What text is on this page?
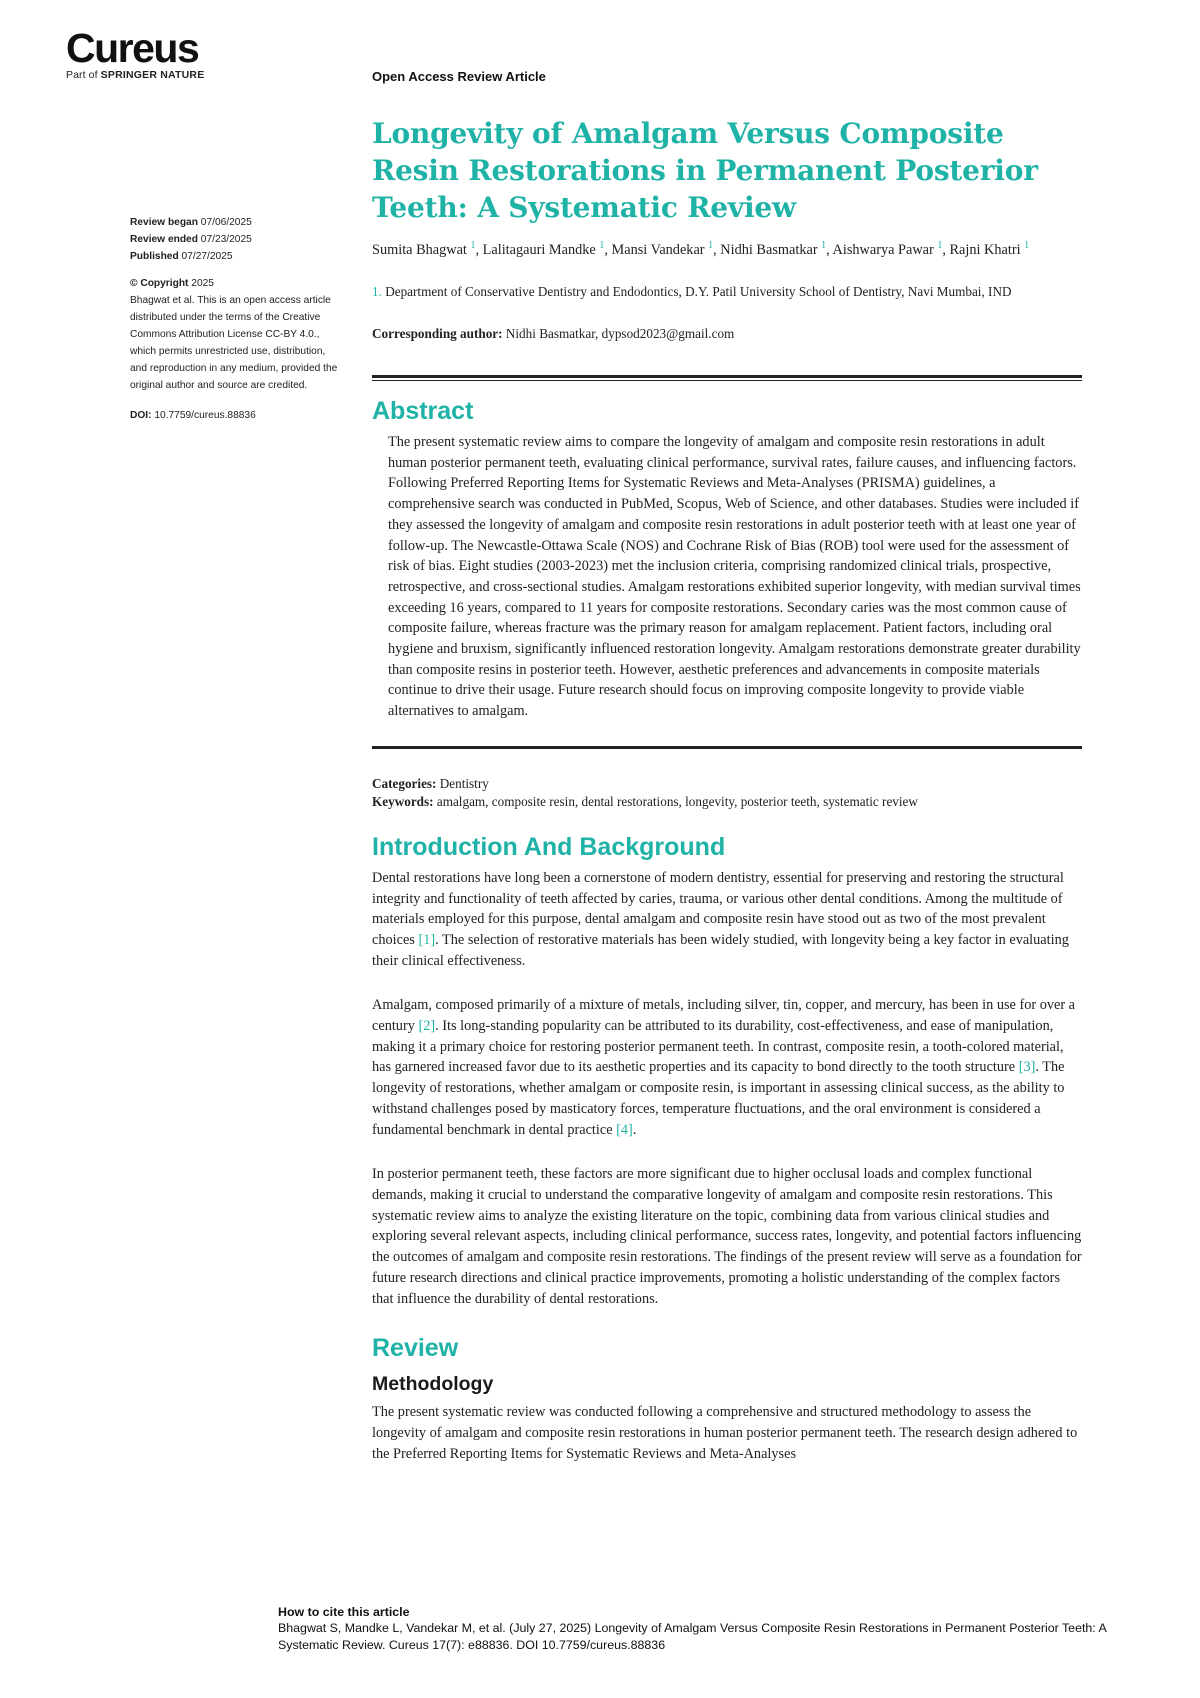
Cureus
Part of SPRINGER NATURE	Open Access Review Article
Review began 07/06/2025
Review ended 07/23/2025
Published 07/27/2025
© Copyright 2025
Bhagwat et al. This is an open access article distributed under the terms of the Creative Commons Attribution License CC-BY 4.0., which permits unrestricted use, distribution, and reproduction in any medium, provided the original author and source are credited.
DOI: 10.7759/cureus.88836
Longevity of Amalgam Versus Composite Resin Restorations in Permanent Posterior Teeth: A Systematic Review
Sumita Bhagwat $^1$, Lalitagauri Mandke $^1$, Mansi Vandekar $^1$, Nidhi Basmatkar $^1$, Aishwarya Pawar $^1$, Rajni Khatri $^1$
1. Department of Conservative Dentistry and Endodontics, D.Y. Patil University School of Dentistry, Navi Mumbai, IND
Corresponding author: Nidhi Basmatkar, dypsod2023@gmail.com
Abstract

The present systematic review aims to compare the longevity of amalgam and composite resin restorations in adult human posterior permanent teeth, evaluating clinical performance, survival rates, failure causes, and influencing factors. Following Preferred Reporting Items for Systematic Reviews and Meta-Analyses (PRISMA) guidelines, a comprehensive search was conducted in PubMed, Scopus, Web of Science, and other databases. Studies were included if they assessed the longevity of amalgam and composite resin restorations in adult posterior teeth with at least one year of follow-up. The Newcastle-Ottawa Scale (NOS) and Cochrane Risk of Bias (ROB) tool were used for the assessment of risk of bias. Eight studies (2003-2023) met the inclusion criteria, comprising randomized clinical trials, prospective, retrospective, and cross-sectional studies. Amalgam restorations exhibited superior longevity, with median survival times exceeding 16 years, compared to 11 years for composite restorations. Secondary caries was the most common cause of composite failure, whereas fracture was the primary reason for amalgam replacement. Patient factors, including oral hygiene and bruxism, significantly influenced restoration longevity. Amalgam restorations demonstrate greater durability than composite resins in posterior teeth. However, aesthetic preferences and advancements in composite materials continue to drive their usage. Future research should focus on improving composite longevity to provide viable alternatives to amalgam.

Categories: Dentistry
Keywords: amalgam, composite resin, dental restorations, longevity, posterior teeth, systematic review
Introduction And Background

Dental restorations have long been a cornerstone of modern dentistry, essential for preserving and restoring the structural integrity and functionality of teeth affected by caries, trauma, or various other dental conditions. Among the multitude of materials employed for this purpose, dental amalgam and composite resin have stood out as two of the most prevalent choices [1]. The selection of restorative materials has been widely studied, with longevity being a key factor in evaluating their clinical effectiveness.

Amalgam, composed primarily of a mixture of metals, including silver, tin, copper, and mercury, has been in use for over a century [2]. Its long-standing popularity can be attributed to its durability, cost-effectiveness, and ease of manipulation, making it a primary choice for restoring posterior permanent teeth. In contrast, composite resin, a tooth-colored material, has garnered increased favor due to its aesthetic properties and its capacity to bond directly to the tooth structure [3]. The longevity of restorations, whether amalgam or composite resin, is important in assessing clinical success, as the ability to withstand challenges posed by masticatory forces, temperature fluctuations, and the oral environment is considered a fundamental benchmark in dental practice [4].

In posterior permanent teeth, these factors are more significant due to higher occlusal loads and complex functional demands, making it crucial to understand the comparative longevity of amalgam and composite resin restorations. This systematic review aims to analyze the existing literature on the topic, combining data from various clinical studies and exploring several relevant aspects, including clinical performance, success rates, longevity, and potential factors influencing the outcomes of amalgam and composite resin restorations. The findings of the present review will serve as a foundation for future research directions and clinical practice improvements, promoting a holistic understanding of the complex factors that influence the durability of dental restorations.

Review
Methodology

The present systematic review was conducted following a comprehensive and structured methodology to assess the longevity of amalgam and composite resin restorations in human posterior permanent teeth. The research design adhered to the Preferred Reporting Items for Systematic Reviews and Meta-Analyses

How to cite this article
Bhagwat S, Mandke L, Vandekar M, et al. (July 27, 2025) Longevity of Amalgam Versus Composite Resin Restorations in Permanent Posterior Teeth: A Systematic Review. Cureus 17(7): e88836. DOI 10.7759/cureus.88836
